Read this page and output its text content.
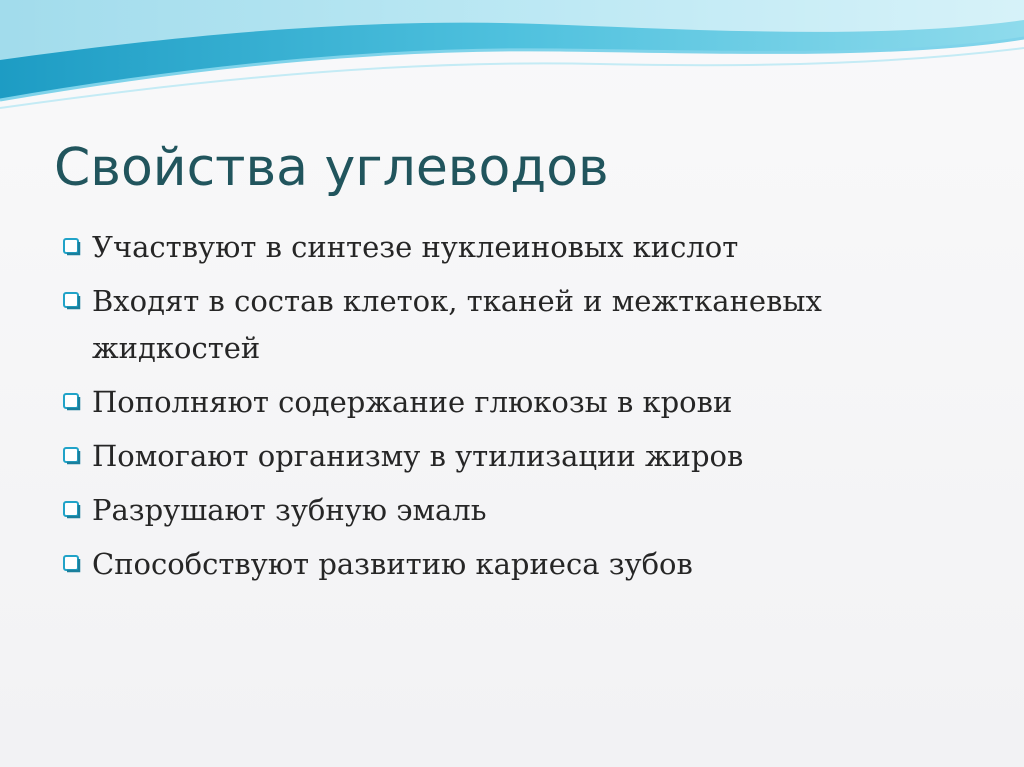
Свойства углеводов
Участвуют в синтезе нуклеиновых кислот
Входят в состав клеток, тканей и межтканевых жидкостей
Пополняют содержание глюкозы в крови
Помогают организму в утилизации жиров
Разрушают зубную эмаль
Способствуют развитию кариеса зубов
